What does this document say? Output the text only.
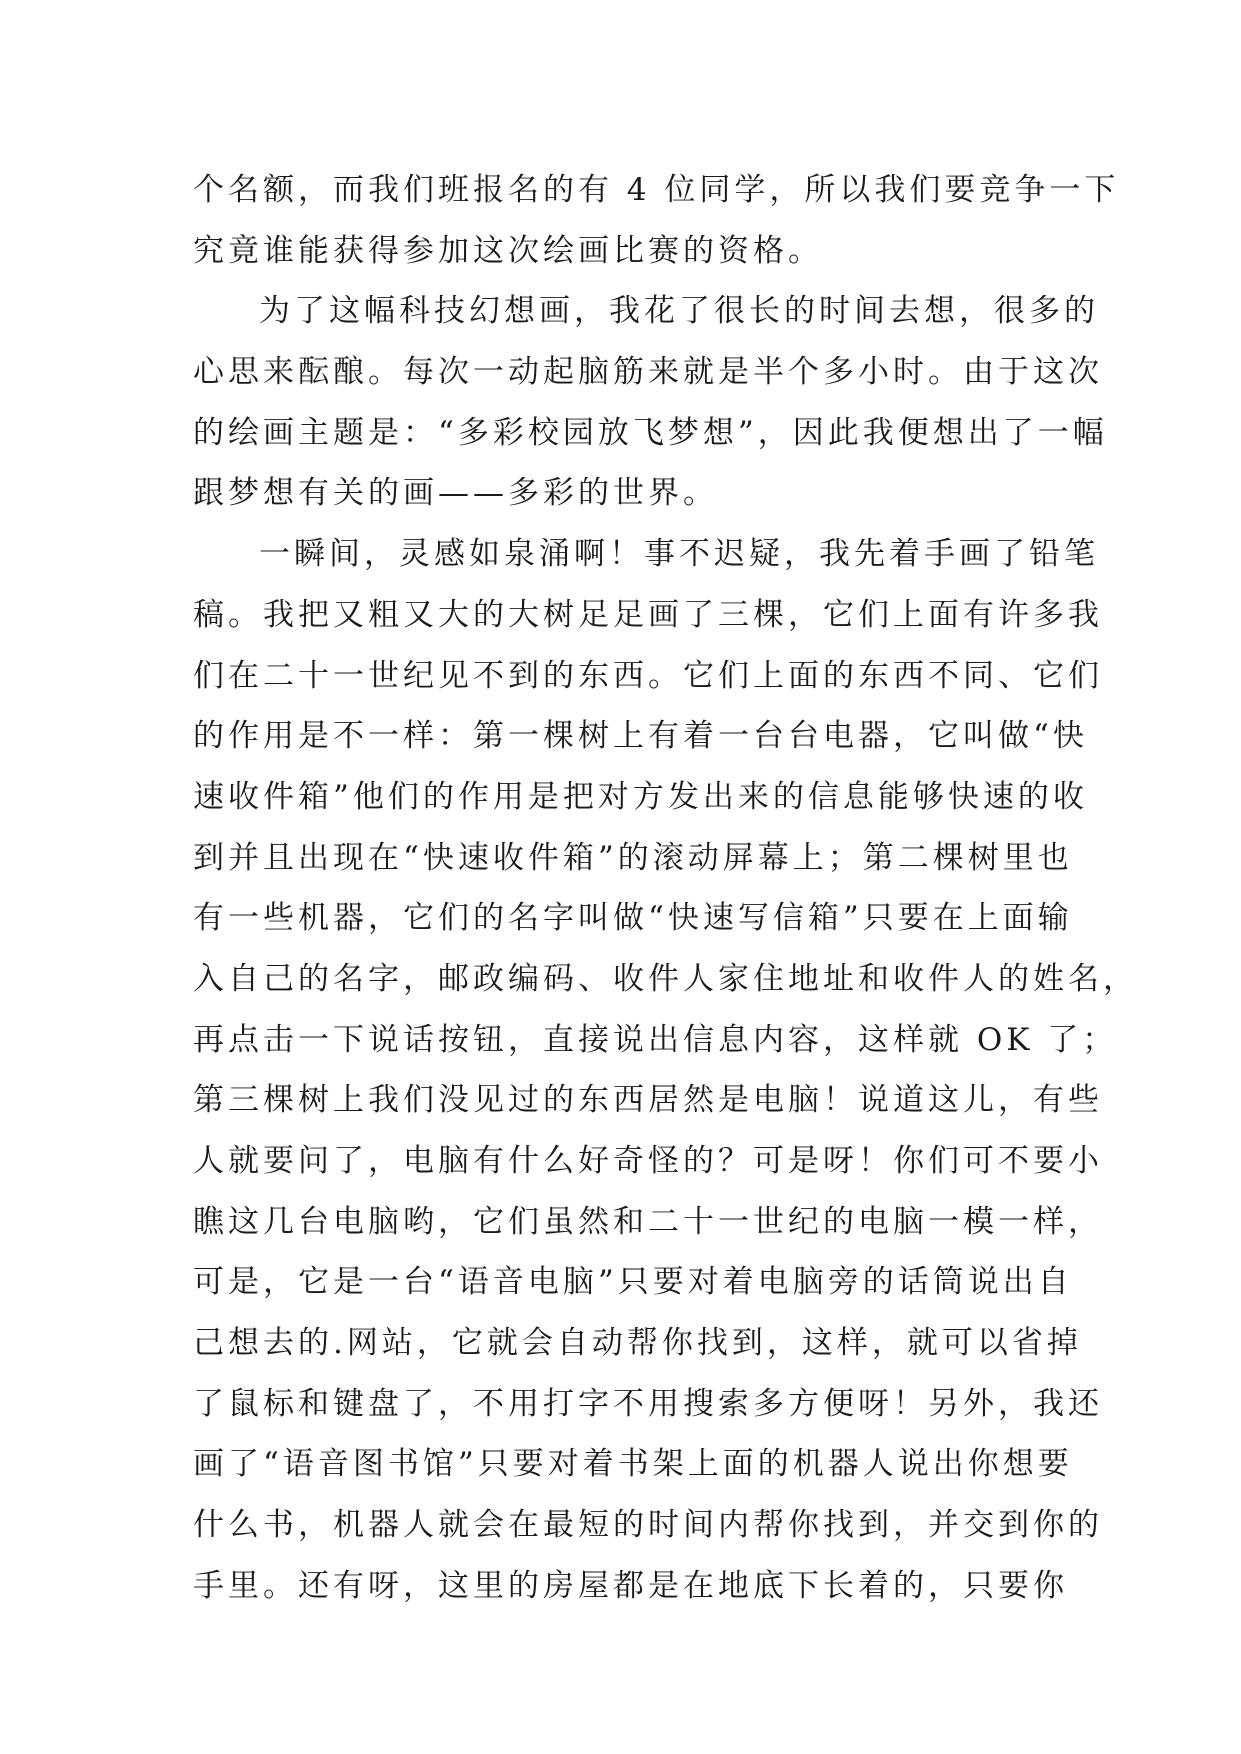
个名额，而我们班报名的有 4 位同学，所以我们要竞争一下
究竟谁能获得参加这次绘画比赛的资格。
为了这幅科技幻想画，我花了很长的时间去想，很多的
心思来酝酿。每次一动起脑筋来就是半个多小时。由于这次
的绘画主题是：“多彩校园放飞梦想”，因此我便想出了一幅
跟梦想有关的画——多彩的世界。
一瞬间，灵感如泉涌啊！事不迟疑，我先着手画了铅笔
稿。我把又粗又大的大树足足画了三棵，它们上面有许多我
们在二十一世纪见不到的东西。它们上面的东西不同、它们
的作用是不一样：第一棵树上有着一台台电器，它叫做“快
速收件箱”他们的作用是把对方发出来的信息能够快速的收
到并且出现在“快速收件箱”的滚动屏幕上；第二棵树里也
有一些机器，它们的名字叫做“快速写信箱”只要在上面输
入自己的名字，邮政编码、收件人家住地址和收件人的姓名，
再点击一下说话按钮，直接说出信息内容，这样就 OK 了；
第三棵树上我们没见过的东西居然是电脑！说道这儿，有些
人就要问了，电脑有什么好奇怪的？可是呀！你们可不要小
瞧这几台电脑哟，它们虽然和二十一世纪的电脑一模一样，
可是，它是一台“语音电脑”只要对着电脑旁的话筒说出自
己想去的.网站，它就会自动帮你找到，这样，就可以省掉
了鼠标和键盘了，不用打字不用搜索多方便呀！另外，我还
画了“语音图书馆”只要对着书架上面的机器人说出你想要
什么书，机器人就会在最短的时间内帮你找到，并交到你的
手里。还有呀，这里的房屋都是在地底下长着的，只要你
